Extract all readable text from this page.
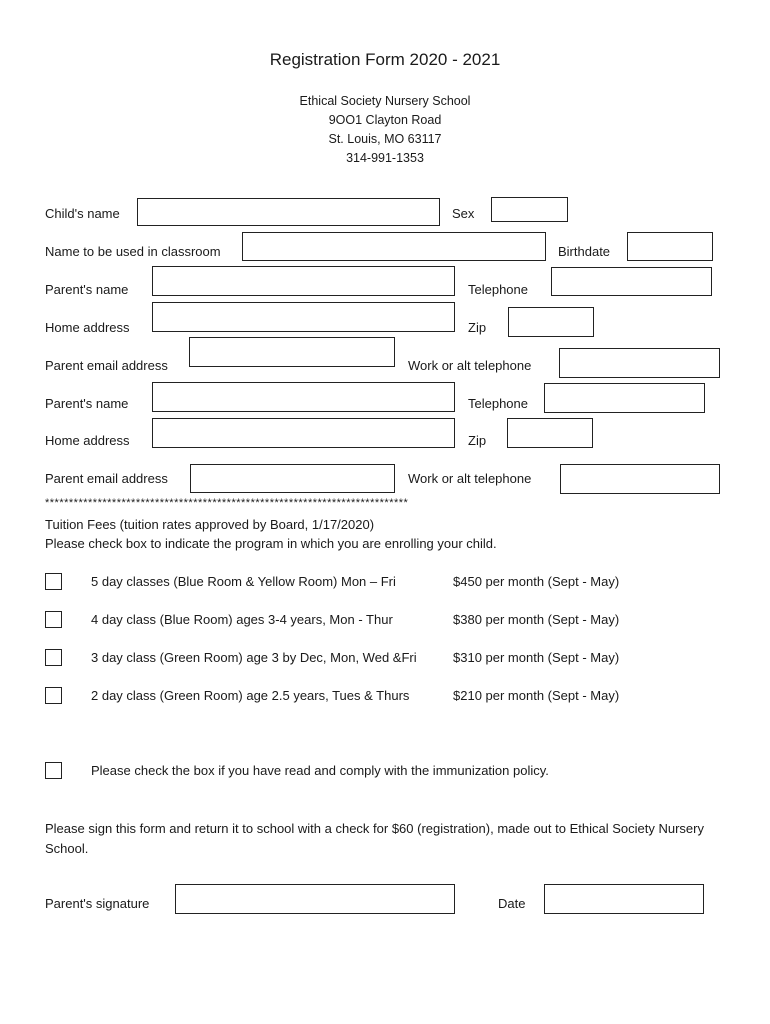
Registration Form 2020 - 2021
Ethical Society Nursery School
9OO1 Clayton Road
St. Louis, MO 63117
314-991-1353
Child's name	Sex
Name to be used in classroom	Birthdate
Parent's name	Telephone
Home address	Zip
Parent email address	Work or alt telephone
Parent's name	Telephone
Home address	Zip
Parent email address	Work or alt telephone
****************************************************************************
Tuition Fees (tuition rates approved by Board, 1/17/2020)
Please check box to indicate the program in which you are enrolling your child.
5 day classes (Blue Room & Yellow Room) Mon – Fri	$450 per month (Sept - May)
4 day class (Blue Room) ages 3-4 years, Mon - Thur	$380 per month (Sept - May)
3 day class (Green Room) age 3 by Dec, Mon, Wed &Fri	$310 per month (Sept - May)
2 day class (Green Room) age 2.5 years, Tues & Thurs	$210 per month (Sept - May)
Please check the box if you have read and comply with the immunization policy.
Please sign this form and return it to school with a check for $60 (registration), made out to Ethical Society Nursery School.
Parent's signature	Date
